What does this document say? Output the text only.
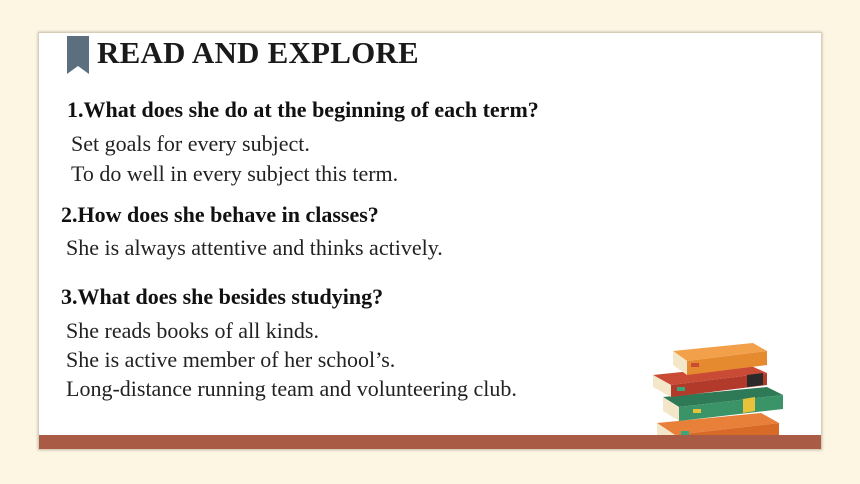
READ AND EXPLORE
1.What does she do at the beginning of each term?
Set goals for every subject.
To do well in every subject this term.
2.How does she behave in classes?
She is always attentive and thinks actively.
3.What does she besides studying?
She reads books of all kinds.
She is active member of her school’s.
Long-distance running team and volunteering club.
